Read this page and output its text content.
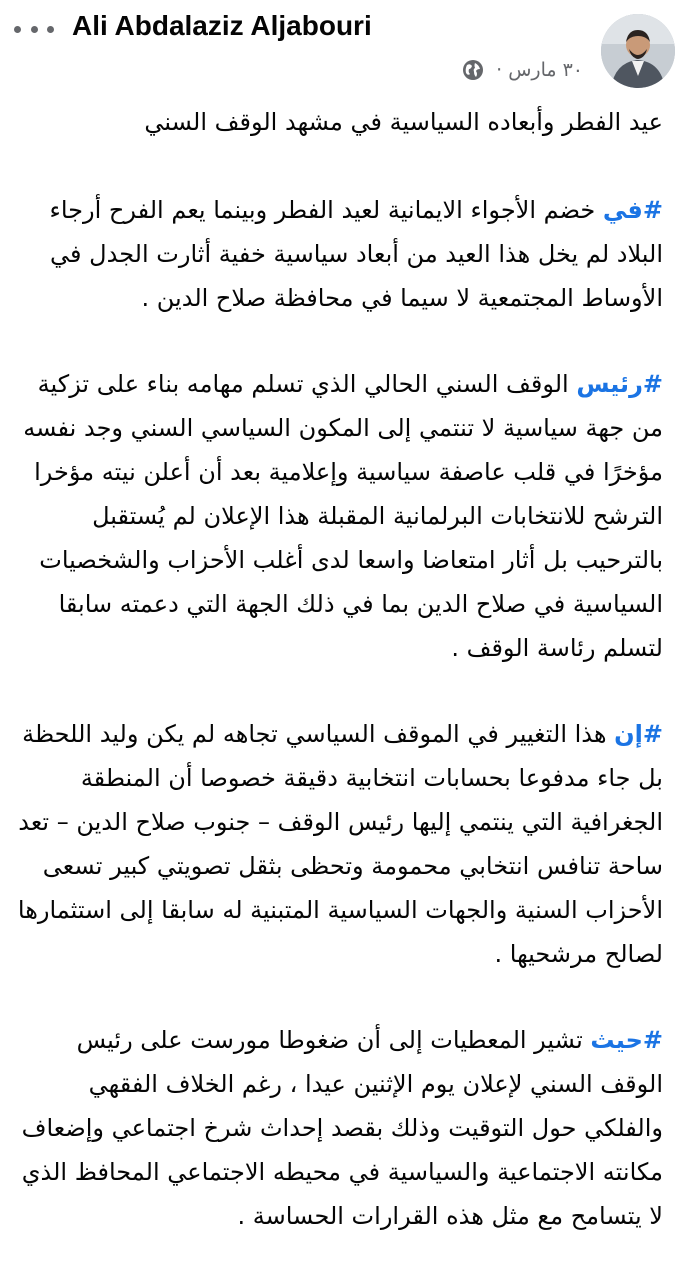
Ali Abdalaziz Aljabouri
٣٠ مارس
·

عيد الفطر وأبعاده السياسية في مشهد الوقف السني

#في خضم الأجواء الايمانية لعيد الفطر وبينما يعم الفرح أرجاء البلاد لم يخل هذا العيد من أبعاد سياسية خفية أثارت الجدل في الأوساط المجتمعية لا سيما في محافظة صلاح الدين .

#رئيس الوقف السني الحالي الذي تسلم مهامه بناء على تزكية من جهة سياسية لا تنتمي إلى المكون السياسي السني وجد نفسه مؤخرًا في قلب عاصفة سياسية وإعلامية بعد أن أعلن نيته مؤخرا الترشح للانتخابات البرلمانية المقبلة هذا الإعلان لم يُستقبل بالترحيب بل أثار امتعاضا واسعا لدى أغلب الأحزاب والشخصيات السياسية في صلاح الدين بما في ذلك الجهة التي دعمته سابقا لتسلم رئاسة الوقف .

#إن هذا التغيير في الموقف السياسي تجاهه لم يكن وليد اللحظة بل جاء مدفوعا بحسابات انتخابية دقيقة خصوصا أن المنطقة الجغرافية التي ينتمي إليها رئيس الوقف – جنوب صلاح الدين – تعد ساحة تنافس انتخابي محمومة وتحظى بثقل تصويتي كبير تسعى الأحزاب السنية والجهات السياسية المتبنية له سابقا إلى استثمارها لصالح مرشحيها .

#حيث تشير المعطيات إلى أن ضغوطا مورست على رئيس الوقف السني لإعلان يوم الإثنين عيدا ، رغم الخلاف الفقهي والفلكي حول التوقيت وذلك بقصد إحداث شرخ اجتماعي وإضعاف مكانته الاجتماعية والسياسية في محيطه الاجتماعي المحافظ الذي لا يتسامح مع مثل هذه القرارات الحساسة .
